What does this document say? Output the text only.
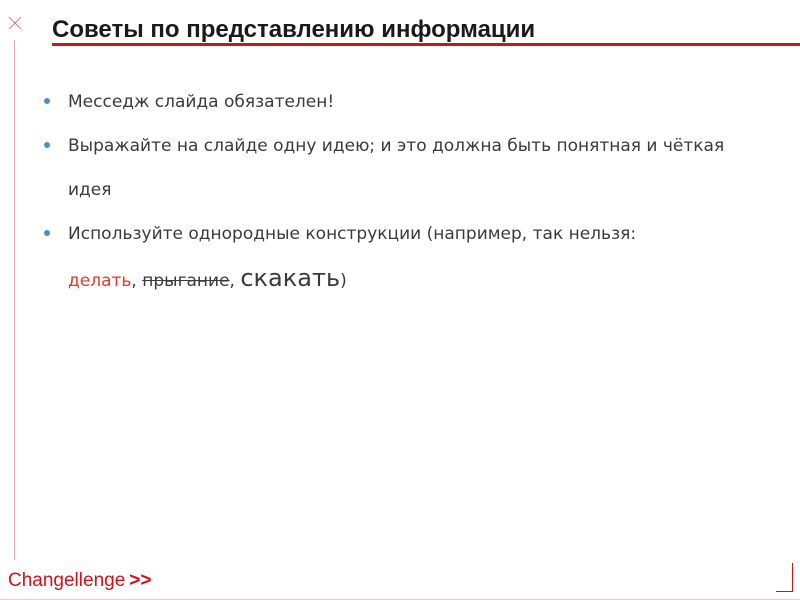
Советы по представлению информации
Месседж слайда обязателен!
Выражайте на слайде одну идею; и это должна быть понятная и чёткая идея
Используйте однородные конструкции (например, так нельзя:
делать, прыгание, скакать)
Changellenge >>
